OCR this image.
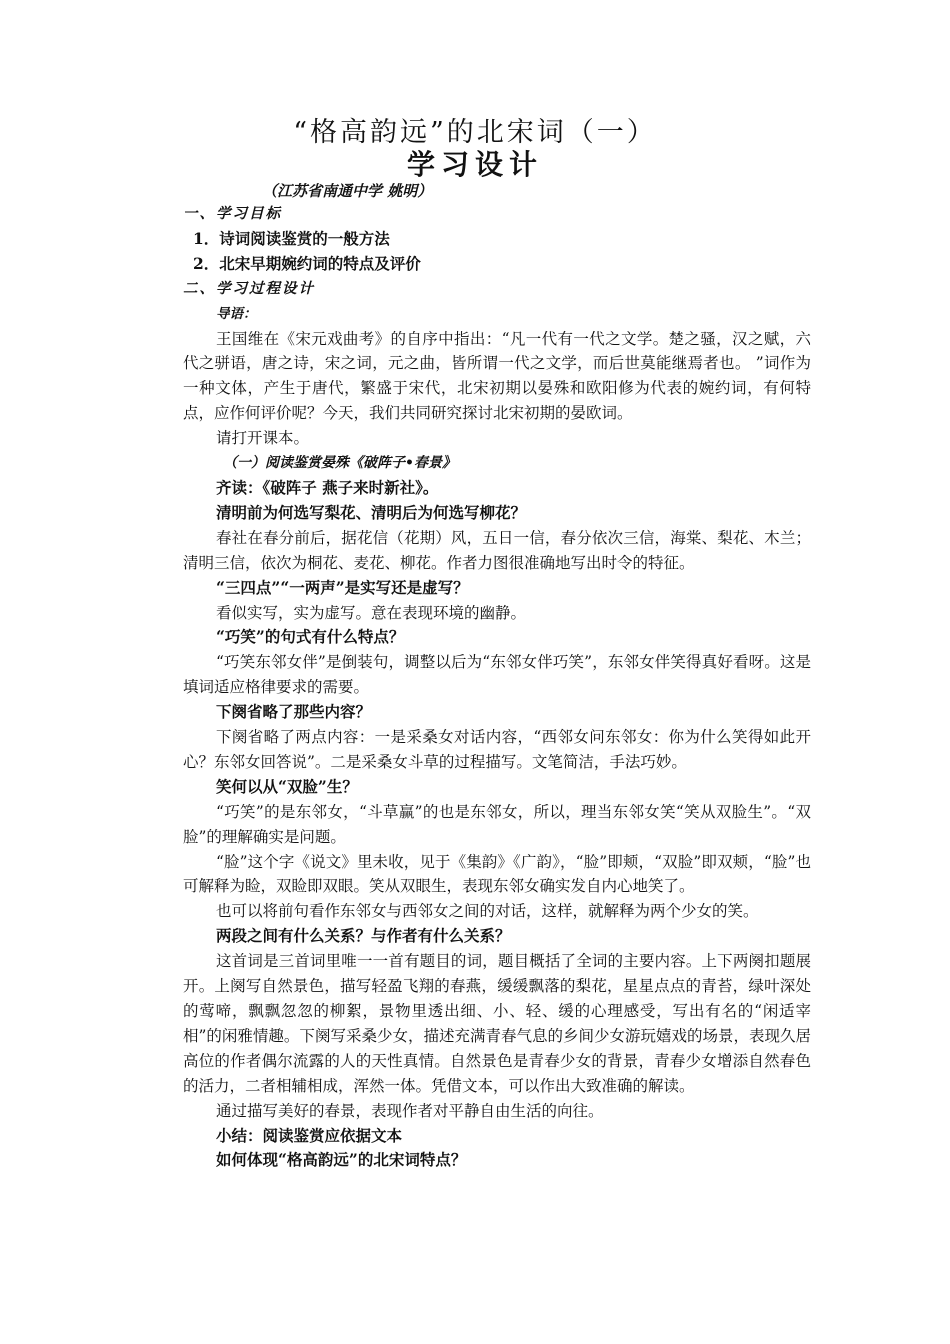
“格高韵远”的北宋词（一）
学习设计
（江苏省南通中学 姚明）
一、学习目标
1．诗词阅读鉴赏的一般方法
2．北宋早期婉约词的特点及评价
二、学习过程设计
导语：

王国维在《宋元戏曲考》的自序中指出：“凡一代有一代之文学。楚之骚，汉之赋，六代之骈语，唐之诗，宋之词，元之曲，皆所谓一代之文学，而后世莫能继焉者也。 ”词作为一种文体，产生于唐代，繁盛于宋代，北宋初期以晏殊和欧阳修为代表的婉约词，有何特点，应作何评价呢？今天，我们共同研究探讨北宋初期的晏欧词。

请打开课本。

（一）阅读鉴赏晏殊《破阵子•春景》
齐读：《破阵子 燕子来时新社》。
清明前为何选写梨花、清明后为何选写柳花？

春社在春分前后，据花信（花期）风，五日一信，春分依次三信，海棠、梨花、木兰；清明三信，依次为桐花、麦花、柳花。作者力图很准确地写出时令的特征。

“三四点”“一两声”是实写还是虚写？

看似实写，实为虚写。意在表现环境的幽静。

“巧笑”的句式有什么特点？

“巧笑东邻女伴”是倒装句，调整以后为“东邻女伴巧笑”，东邻女伴笑得真好看呀。这是填词适应格律要求的需要。

下阕省略了那些内容？

下阕省略了两点内容：一是采桑女对话内容，“西邻女问东邻女：你为什么笑得如此开心？东邻女回答说”。二是采桑女斗草的过程描写。文笔简洁，手法巧妙。

笑何以从“双脸”生？

“巧笑”的是东邻女，“斗草赢”的也是东邻女，所以，理当东邻女笑“笑从双脸生”。“双脸”的理解确实是问题。

“脸”这个字《说文》里未收，见于《集韵》《广韵》，“脸”即颊，“双脸”即双颊，“脸”也可解释为睑，双睑即双眼。笑从双眼生，表现东邻女确实发自内心地笑了。

也可以将前句看作东邻女与西邻女之间的对话，这样，就解释为两个少女的笑。

两段之间有什么关系？与作者有什么关系？

这首词是三首词里唯一一首有题目的词，题目概括了全词的主要内容。上下两阕扣题展开。上阕写自然景色，描写轻盈飞翔的春燕，缓缓飘落的梨花，星星点点的青苔，绿叶深处的莺啼，飘飘忽忽的柳絮，景物里透出细、小、轻、缓的心理感受，写出有名的“闲适宰相”的闲雅情趣。下阕写采桑少女，描述充满青春气息的乡间少女游玩嬉戏的场景，表现久居高位的作者偶尔流露的人的天性真情。自然景色是青春少女的背景，青春少女增添自然春色的活力，二者相辅相成，浑然一体。凭借文本，可以作出大致准确的解读。

通过描写美好的春景，表现作者对平静自由生活的向往。

小结：阅读鉴赏应依据文本
如何体现“格高韵远”的北宋词特点？
